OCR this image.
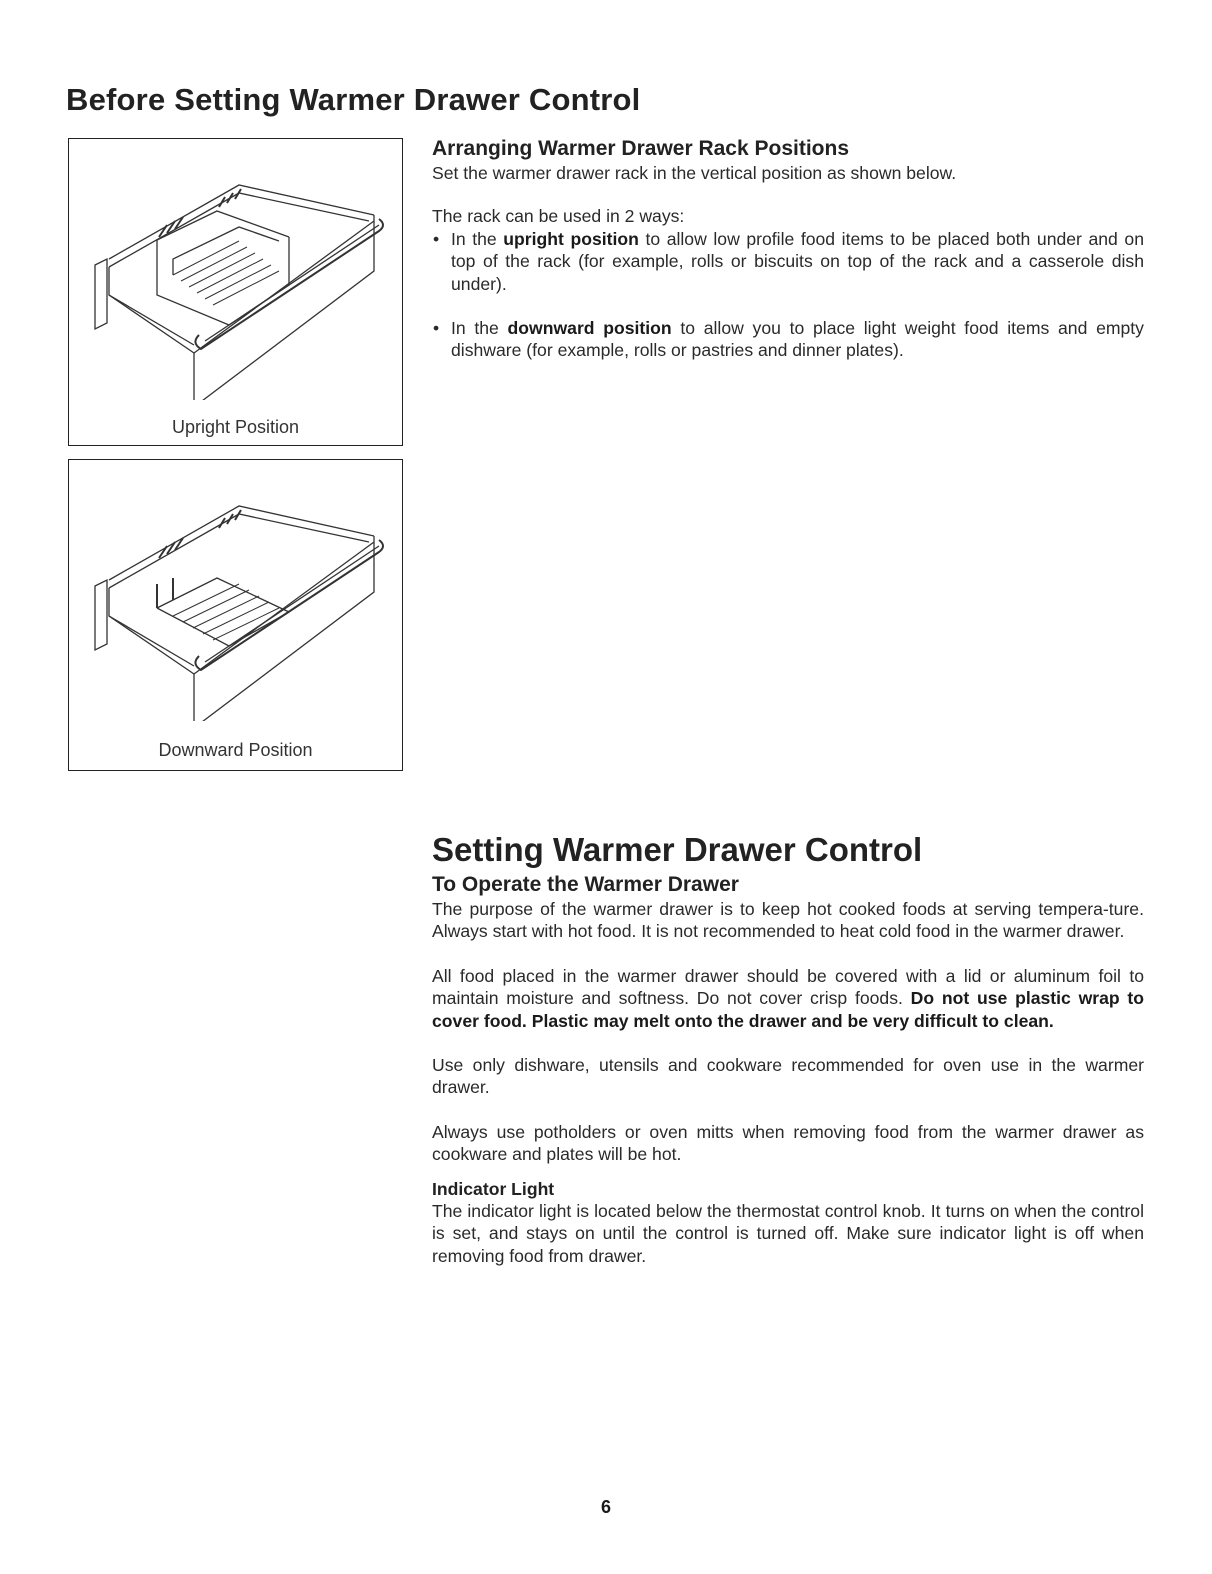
Before Setting Warmer Drawer Control
Upright Position
Downward Position
Arranging Warmer Drawer Rack Positions

Set the warmer drawer rack in the vertical position as shown below.

The rack can be used in 2 ways:

• In the upright position to allow low profile food items to be placed both under and on top of the rack (for example, rolls or biscuits on top of the rack and a casserole dish under).
• In the downward position to allow you to place light weight food items and empty dishware (for example, rolls or pastries and dinner plates).
Setting Warmer Drawer Control
To Operate the Warmer Drawer

The purpose of the warmer drawer is to keep hot cooked foods at serving tempera-ture. Always start with hot food. It is not recommended to heat cold food in the warmer drawer.

All food placed in the warmer drawer should be covered with a lid or aluminum foil to maintain moisture and softness. Do not cover crisp foods. Do not use plastic wrap to cover food. Plastic may melt onto the drawer and be very difficult to clean.

Use only dishware, utensils and cookware recommended for oven use in the warmer drawer.

Always use potholders or oven mitts when removing food from the warmer drawer as cookware and plates will be hot.

Indicator Light

The indicator light is located below the thermostat control knob. It turns on when the control is set, and stays on until the control is turned off. Make sure indicator light is off when removing food from drawer.

6
